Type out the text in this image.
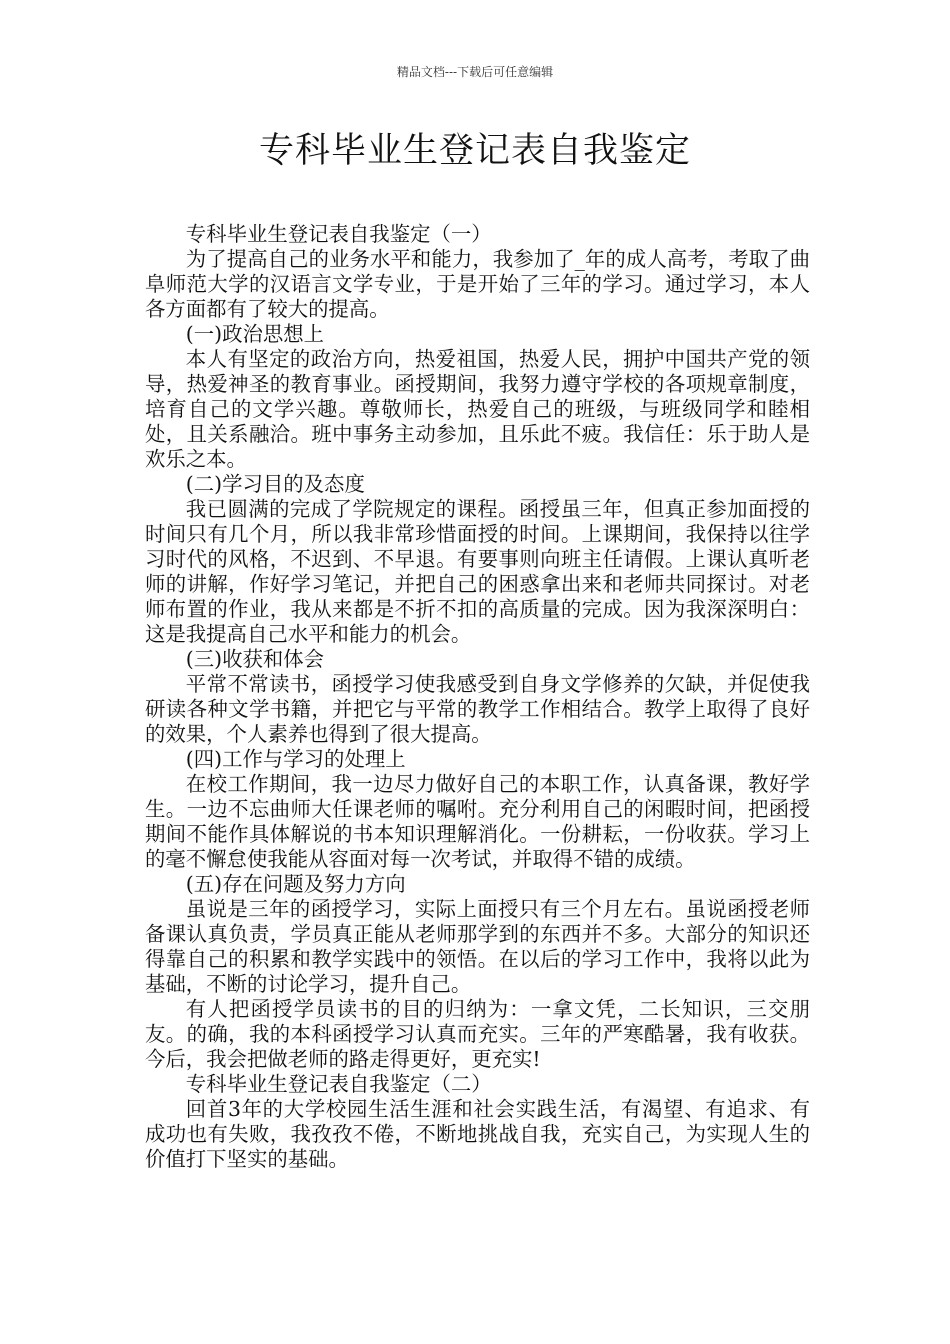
精品文档---下载后可任意编辑
专科毕业生登记表自我鉴定

专科毕业生登记表自我鉴定（一）

为了提高自己的业务水平和能力，我参加了_年的成人高考，考取了曲阜师范大学的汉语言文学专业，于是开始了三年的学习。通过学习，本人各方面都有了较大的提高。

(一)政治思想上

本人有坚定的政治方向，热爱祖国，热爱人民，拥护中国共产党的领导，热爱神圣的教育事业。函授期间，我努力遵守学校的各项规章制度，培育自己的文学兴趣。尊敬师长，热爱自己的班级，与班级同学和睦相处，且关系融洽。班中事务主动参加，且乐此不疲。我信任：乐于助人是欢乐之本。

(二)学习目的及态度

我已圆满的完成了学院规定的课程。函授虽三年，但真正参加面授的时间只有几个月，所以我非常珍惜面授的时间。上课期间，我保持以往学习时代的风格，不迟到、不早退。有要事则向班主任请假。上课认真听老师的讲解，作好学习笔记，并把自己的困惑拿出来和老师共同探讨。对老师布置的作业，我从来都是不折不扣的高质量的完成。因为我深深明白：这是我提高自己水平和能力的机会。

(三)收获和体会

平常不常读书，函授学习使我感受到自身文学修养的欠缺，并促使我研读各种文学书籍，并把它与平常的教学工作相结合。教学上取得了良好的效果，个人素养也得到了很大提高。

(四)工作与学习的处理上

在校工作期间，我一边尽力做好自己的本职工作，认真备课，教好学生。一边不忘曲师大任课老师的嘱咐。充分利用自己的闲暇时间，把函授期间不能作具体解说的书本知识理解消化。一份耕耘，一份收获。学习上的毫不懈怠使我能从容面对每一次考试，并取得不错的成绩。

(五)存在问题及努力方向

虽说是三年的函授学习，实际上面授只有三个月左右。虽说函授老师备课认真负责，学员真正能从老师那学到的东西并不多。大部分的知识还得靠自己的积累和教学实践中的领悟。在以后的学习工作中，我将以此为基础，不断的讨论学习，提升自己。

有人把函授学员读书的目的归纳为：一拿文凭，二长知识，三交朋友。的确，我的本科函授学习认真而充实。三年的严寒酷暑，我有收获。今后，我会把做老师的路走得更好，更充实!

专科毕业生登记表自我鉴定（二）

回首3年的大学校园生活生涯和社会实践生活，有渴望、有追求、有成功也有失败，我孜孜不倦，不断地挑战自我，充实自己，为实现人生的价值打下坚实的基础。
